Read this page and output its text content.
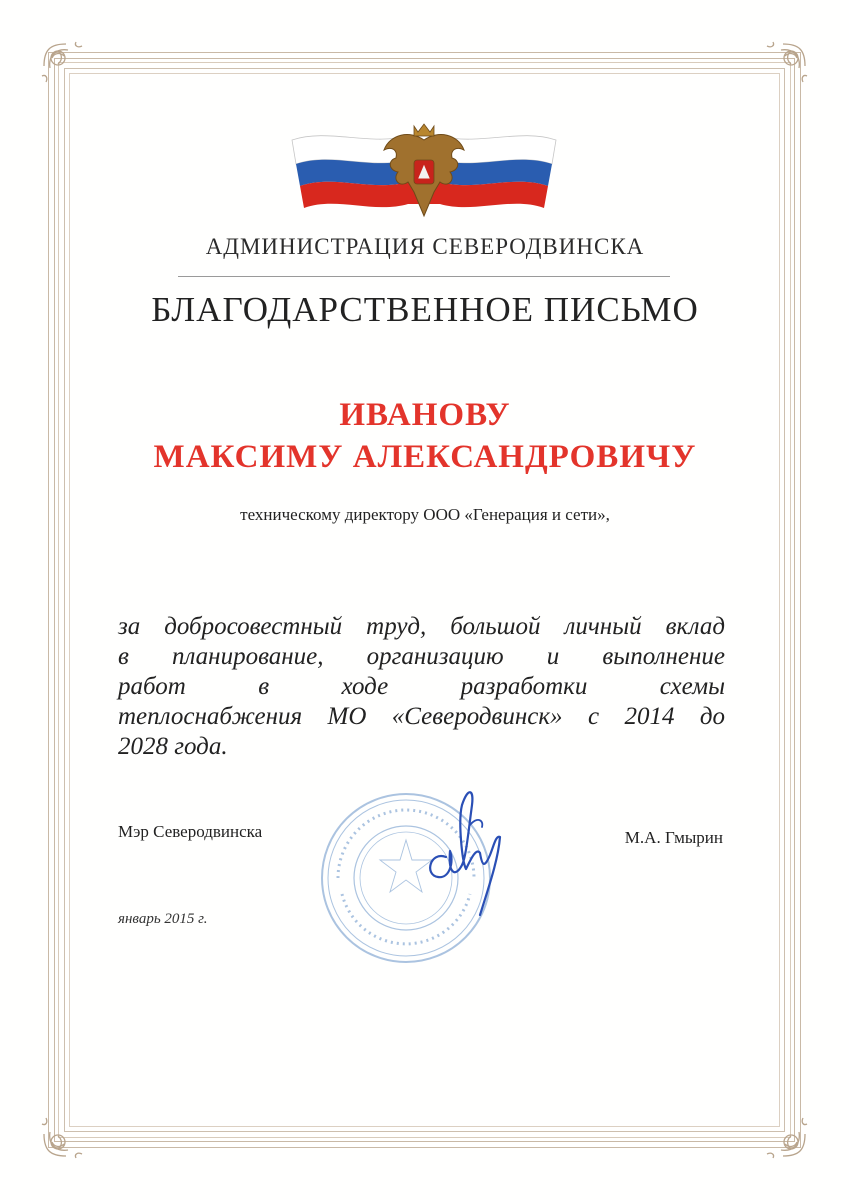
АДМИНИСТРАЦИЯ СЕВЕРОДВИНСКА
БЛАГОДАРСТВЕННОЕ ПИСЬМО
ИВАНОВУ
МАКСИМУ АЛЕКСАНДРОВИЧУ
техническому директору ООО «Генерация и сети»,
за добросовестный труд, большой личный вклад
в планирование, организацию и выполнение
работ в ходе разработки схемы
теплоснабжения МО «Северодвинск» с 2014 до
2028 года.
Мэр Северодвинска	М.А. Гмырин
январь 2015 г.
